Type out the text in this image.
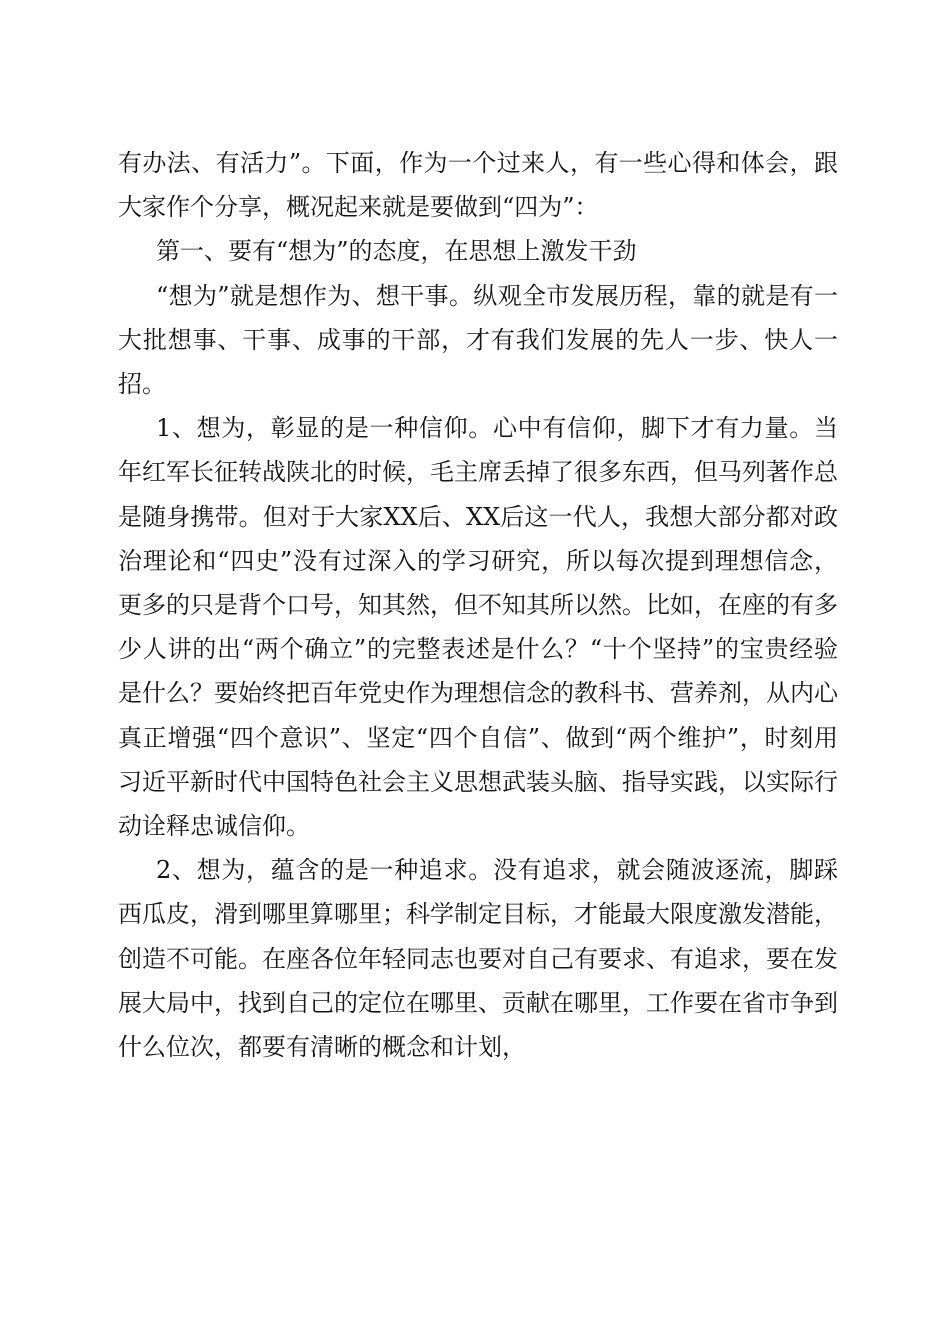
有办法、有活力”。下面，作为一个过来人，有一些心得和体会，跟大家作个分享，概况起来就是要做到“四为”：

第一、要有“想为”的态度，在思想上激发干劲

“想为”就是想作为、想干事。纵观全市发展历程，靠的就是有一大批想事、干事、成事的干部，才有我们发展的先人一步、快人一招。

1、想为，彰显的是一种信仰。心中有信仰，脚下才有力量。当年红军长征转战陕北的时候，毛主席丢掉了很多东西，但马列著作总是随身携带。但对于大家XX后、XX后这一代人，我想大部分都对政治理论和“四史”没有过深入的学习研究，所以每次提到理想信念，更多的只是背个口号，知其然，但不知其所以然。比如，在座的有多少人讲的出“两个确立”的完整表述是什么？“十个坚持”的宝贵经验是什么？要始终把百年党史作为理想信念的教科书、营养剂，从内心真正增强“四个意识”、坚定“四个自信”、做到“两个维护”，时刻用习近平新时代中国特色社会主义思想武装头脑、指导实践，以实际行动诠释忠诚信仰。

2、想为，蕴含的是一种追求。没有追求，就会随波逐流，脚踩西瓜皮，滑到哪里算哪里；科学制定目标，才能最大限度激发潜能，创造不可能。在座各位年轻同志也要对自己有要求、有追求，要在发展大局中，找到自己的定位在哪里、贡献在哪里，工作要在省市争到什么位次，都要有清晰的概念和计划，
